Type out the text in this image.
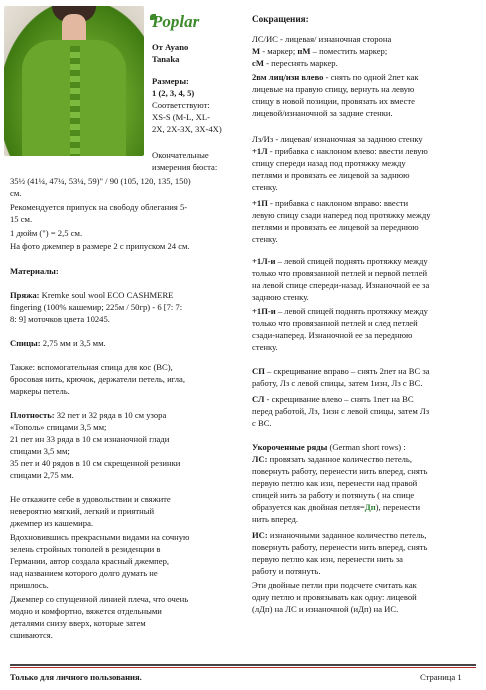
Poplar
От Ayano
Tanaka
Размеры:
1 (2, 3, 4, 5)
Соответствуют:
XS-S (M-L, XL-
2X, 2X-3X, 3X-4X)
Окончательные
измерения бюста:
35½ (41¼, 47¼, 53¼, 59)" / 90 (105, 120, 135, 150)
см.
Рекомендуется припуск на свободу облегания 5-
15 см.
1 дюйм (") = 2,5 см.
На фото джемпер в размере 2 с припуском 24 см.
Материалы:
Пряжа: Kremke soul wool ECO CASHMERE
fingering (100% кашемир; 225м / 50гр) - 6 [7: 7:
8: 9] моточков цвета 10245.
Спицы: 2,75 мм и 3,5 мм.
Также: вспомогательная спица для кос (ВС),
бросовая нить, крючок, держатели петель, игла,
маркеры петель.
Плотность: 32 пет и 32 ряда в 10 см узора
«Тополь» спицами 3,5 мм;
21 пет ин 33 ряда в 10 см изнаночной глади
спицами 3,5 мм;
35 пет и 40 рядов в 10 см скрещенной резинки
спицами 2,75 мм.
Не откажите себе в удовольствии и свяжите
невероятно мягкий, легкий и приятный
джемпер из кашемира.
Вдохновившись прекрасными видами на сочную
зелень стройных тополей в резиденции в
Германии, автор создала красный джемпер,
над названием которого долго думать не
пришлось.
Джемпер со спущенной линией плеча, что очень
модно и комфортно, вяжется отдельными
деталями снизу вверх, которые затем
сшиваются.
Сокращения:
ЛС/ИС - лицевая/ изнаночная сторона
М - маркер; пМ – поместить маркер;
сМ - переснять маркер.
2вм лиц/изн влево - снять по одной 2пет как
лицевые на правую спицу, вернуть на левую
спицу в новой позиции, провязать их вместе
лицевой/изнаночной за задние стенки.
Лз/Из - лицевая/ изнаночная за заднюю стенку
+1Л - прибавка с наклоном влево: ввести левую
спицу спереди назад под протяжку между
петлями и провязать ее лицевой за заднюю
стенку.
+1П - прибавка с наклоном вправо: ввести
левую спицу сзади наперед под протяжку между
петлями и провязать ее лицевой за переднюю
стенку.
+1Л-и – левой спицей поднять протяжку между
только что провязанной петлей и первой петлей
на левой спице спереди-назад. Изнаночной ее за
заднюю стенку.
+1П-и – левой спицей поднять протяжку между
только что провязанной петлей и след петлей
сзади-наперед. Изнаночной ее за переднюю
стенку.
СП – скрещивание вправо – снять 2пет на ВС за
работу, Лз с левой спицы, затем 1изн, Лз с ВС.
СЛ - скрещивание влево – снять 1пет на ВС
перед работой, Лз, 1изн с левой спицы, затем Лз
с ВС.
Укороченные ряды (German short rows) :
ЛС: провязать заданное количество петель,
повернуть работу, перенести нить вперед, снять
первую петлю как изн, перенести над правой
спицей нить за работу и потянуть ( на спице
образуется как двойная петля=Дп), перенести
нить вперед.
ИС: изнаночными заданное количество петель,
повернуть работу, перенести нить вперед, снять
первую петлю как изн, перенести нить за
работу и потянуть.
Эти двойные петли при подсчете считать как
одну петлю и провязывать как одну: лицевой
(лДп) на ЛС и изнаночной (иДп) на ИС.
Только для личного пользования.	Страница 1
